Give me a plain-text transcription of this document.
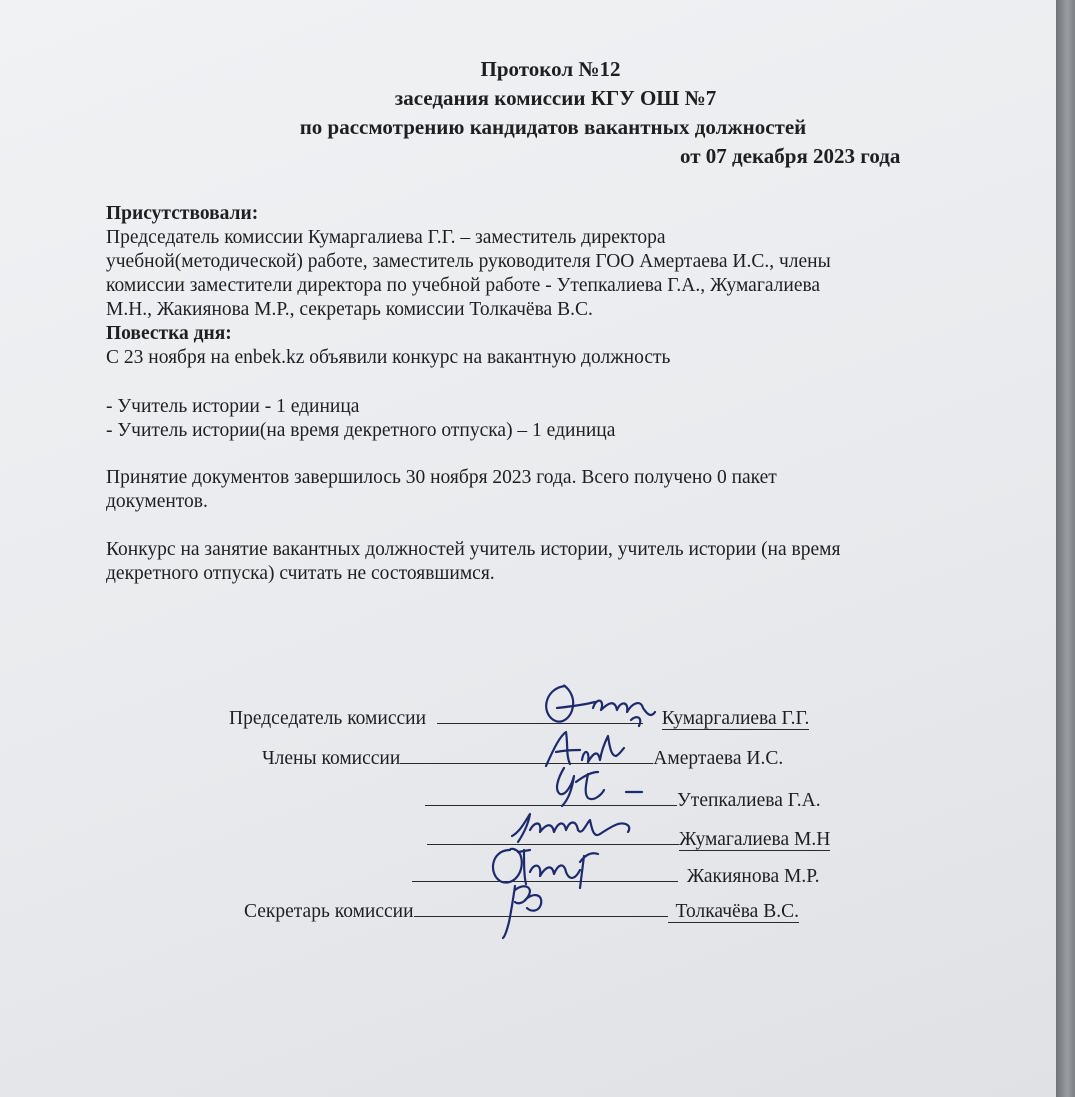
Протокол №12
заседания комиссии КГУ ОШ №7
по рассмотрению кандидатов вакантных должностей
от 07 декабря 2023 года

Присутствовали:

Председатель комиссии Кумаргалиева Г.Г. – заместитель директора

учебной(методической) работе, заместитель руководителя ГОО Амертаева И.С., члены

комиссии заместители директора по учебной работе - Утепкалиева Г.А., Жумагалиева

М.Н., Жакиянова М.Р., секретарь комиссии Толкачёва В.С.

Повестка дня:

С 23 ноября на enbek.kz объявили конкурс на вакантную должность

- Учитель истории - 1 единица

- Учитель истории(на время декретного отпуска) – 1 единица

Принятие документов завершилось 30 ноября 2023 года. Всего получено 0 пакет

документов.

Конкурс на занятие вакантных должностей учитель истории, учитель истории (на время

декретного отпуска) считать не состоявшимся.

Председатель комиссии	Кумаргалиева Г.Г.
Члены комиссии	Амертаева И.С.
Утепкалиева Г.А.
Жумагалиева М.Н
Жакиянова М.Р.
Секретарь комиссии	Толкачёва В.С.
